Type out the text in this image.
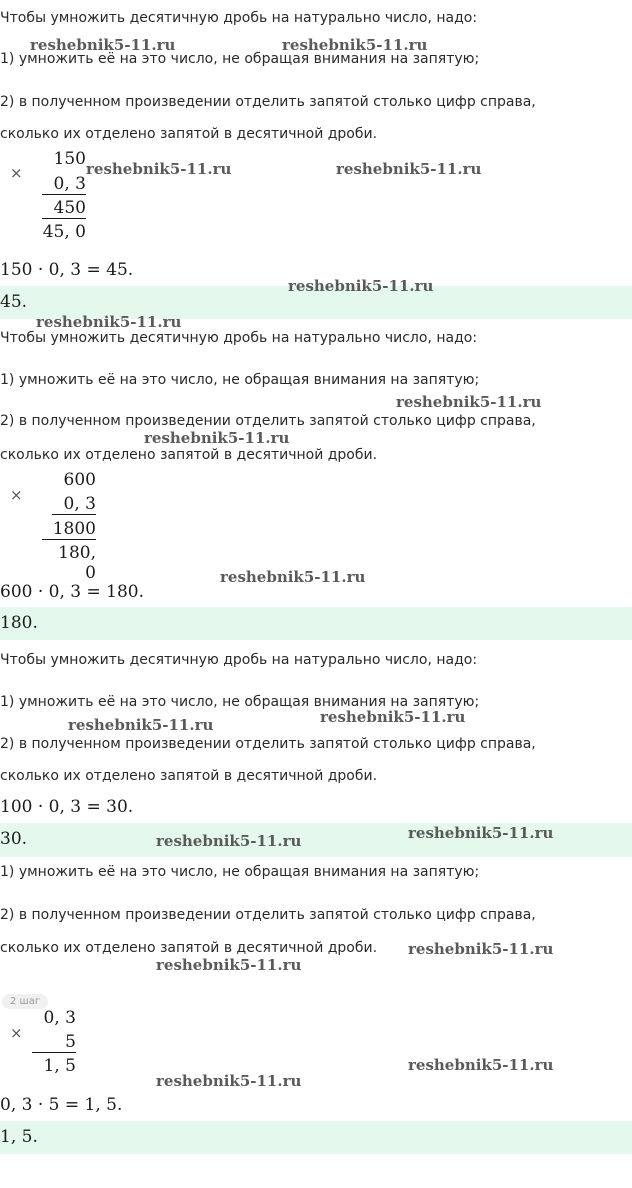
Чтобы умножить десятичную дробь на натурально число, надо:
1) умножить её на это число, не обращая внимания на запятую;
2) в полученном произведении отделить запятой столько цифр справа,
сколько их отделено запятой в десятичной дроби.
×
150
0, 3
450
45, 0
150 · 0, 3 = 45.
45.
Чтобы умножить десятичную дробь на натурально число, надо:
1) умножить её на это число, не обращая внимания на запятую;
2) в полученном произведении отделить запятой столько цифр справа,
сколько их отделено запятой в десятичной дроби.
×
600
0, 3
1800
180, 0
600 · 0, 3 = 180.
180.
Чтобы умножить десятичную дробь на натурально число, надо:
1) умножить её на это число, не обращая внимания на запятую;
2) в полученном произведении отделить запятой столько цифр справа,
сколько их отделено запятой в десятичной дроби.
100 · 0, 3 = 30.
30.
1) умножить её на это число, не обращая внимания на запятую;
2) в полученном произведении отделить запятой столько цифр справа,
сколько их отделено запятой в десятичной дроби.
2 шаг
×
0, 3
5
1, 5
0, 3 · 5 = 1, 5.
1, 5.
reshebnik5-11.ru	reshebnik5-11.ru
reshebnik5-11.ru	reshebnik5-11.ru
reshebnik5-11.ru
reshebnik5-11.ru
reshebnik5-11.ru
reshebnik5-11.ru
reshebnik5-11.ru
reshebnik5-11.ru
reshebnik5-11.ru
reshebnik5-11.ru
reshebnik5-11.ru
reshebnik5-11.ru
reshebnik5-11.ru
reshebnik5-11.ru
reshebnik5-11.ru
